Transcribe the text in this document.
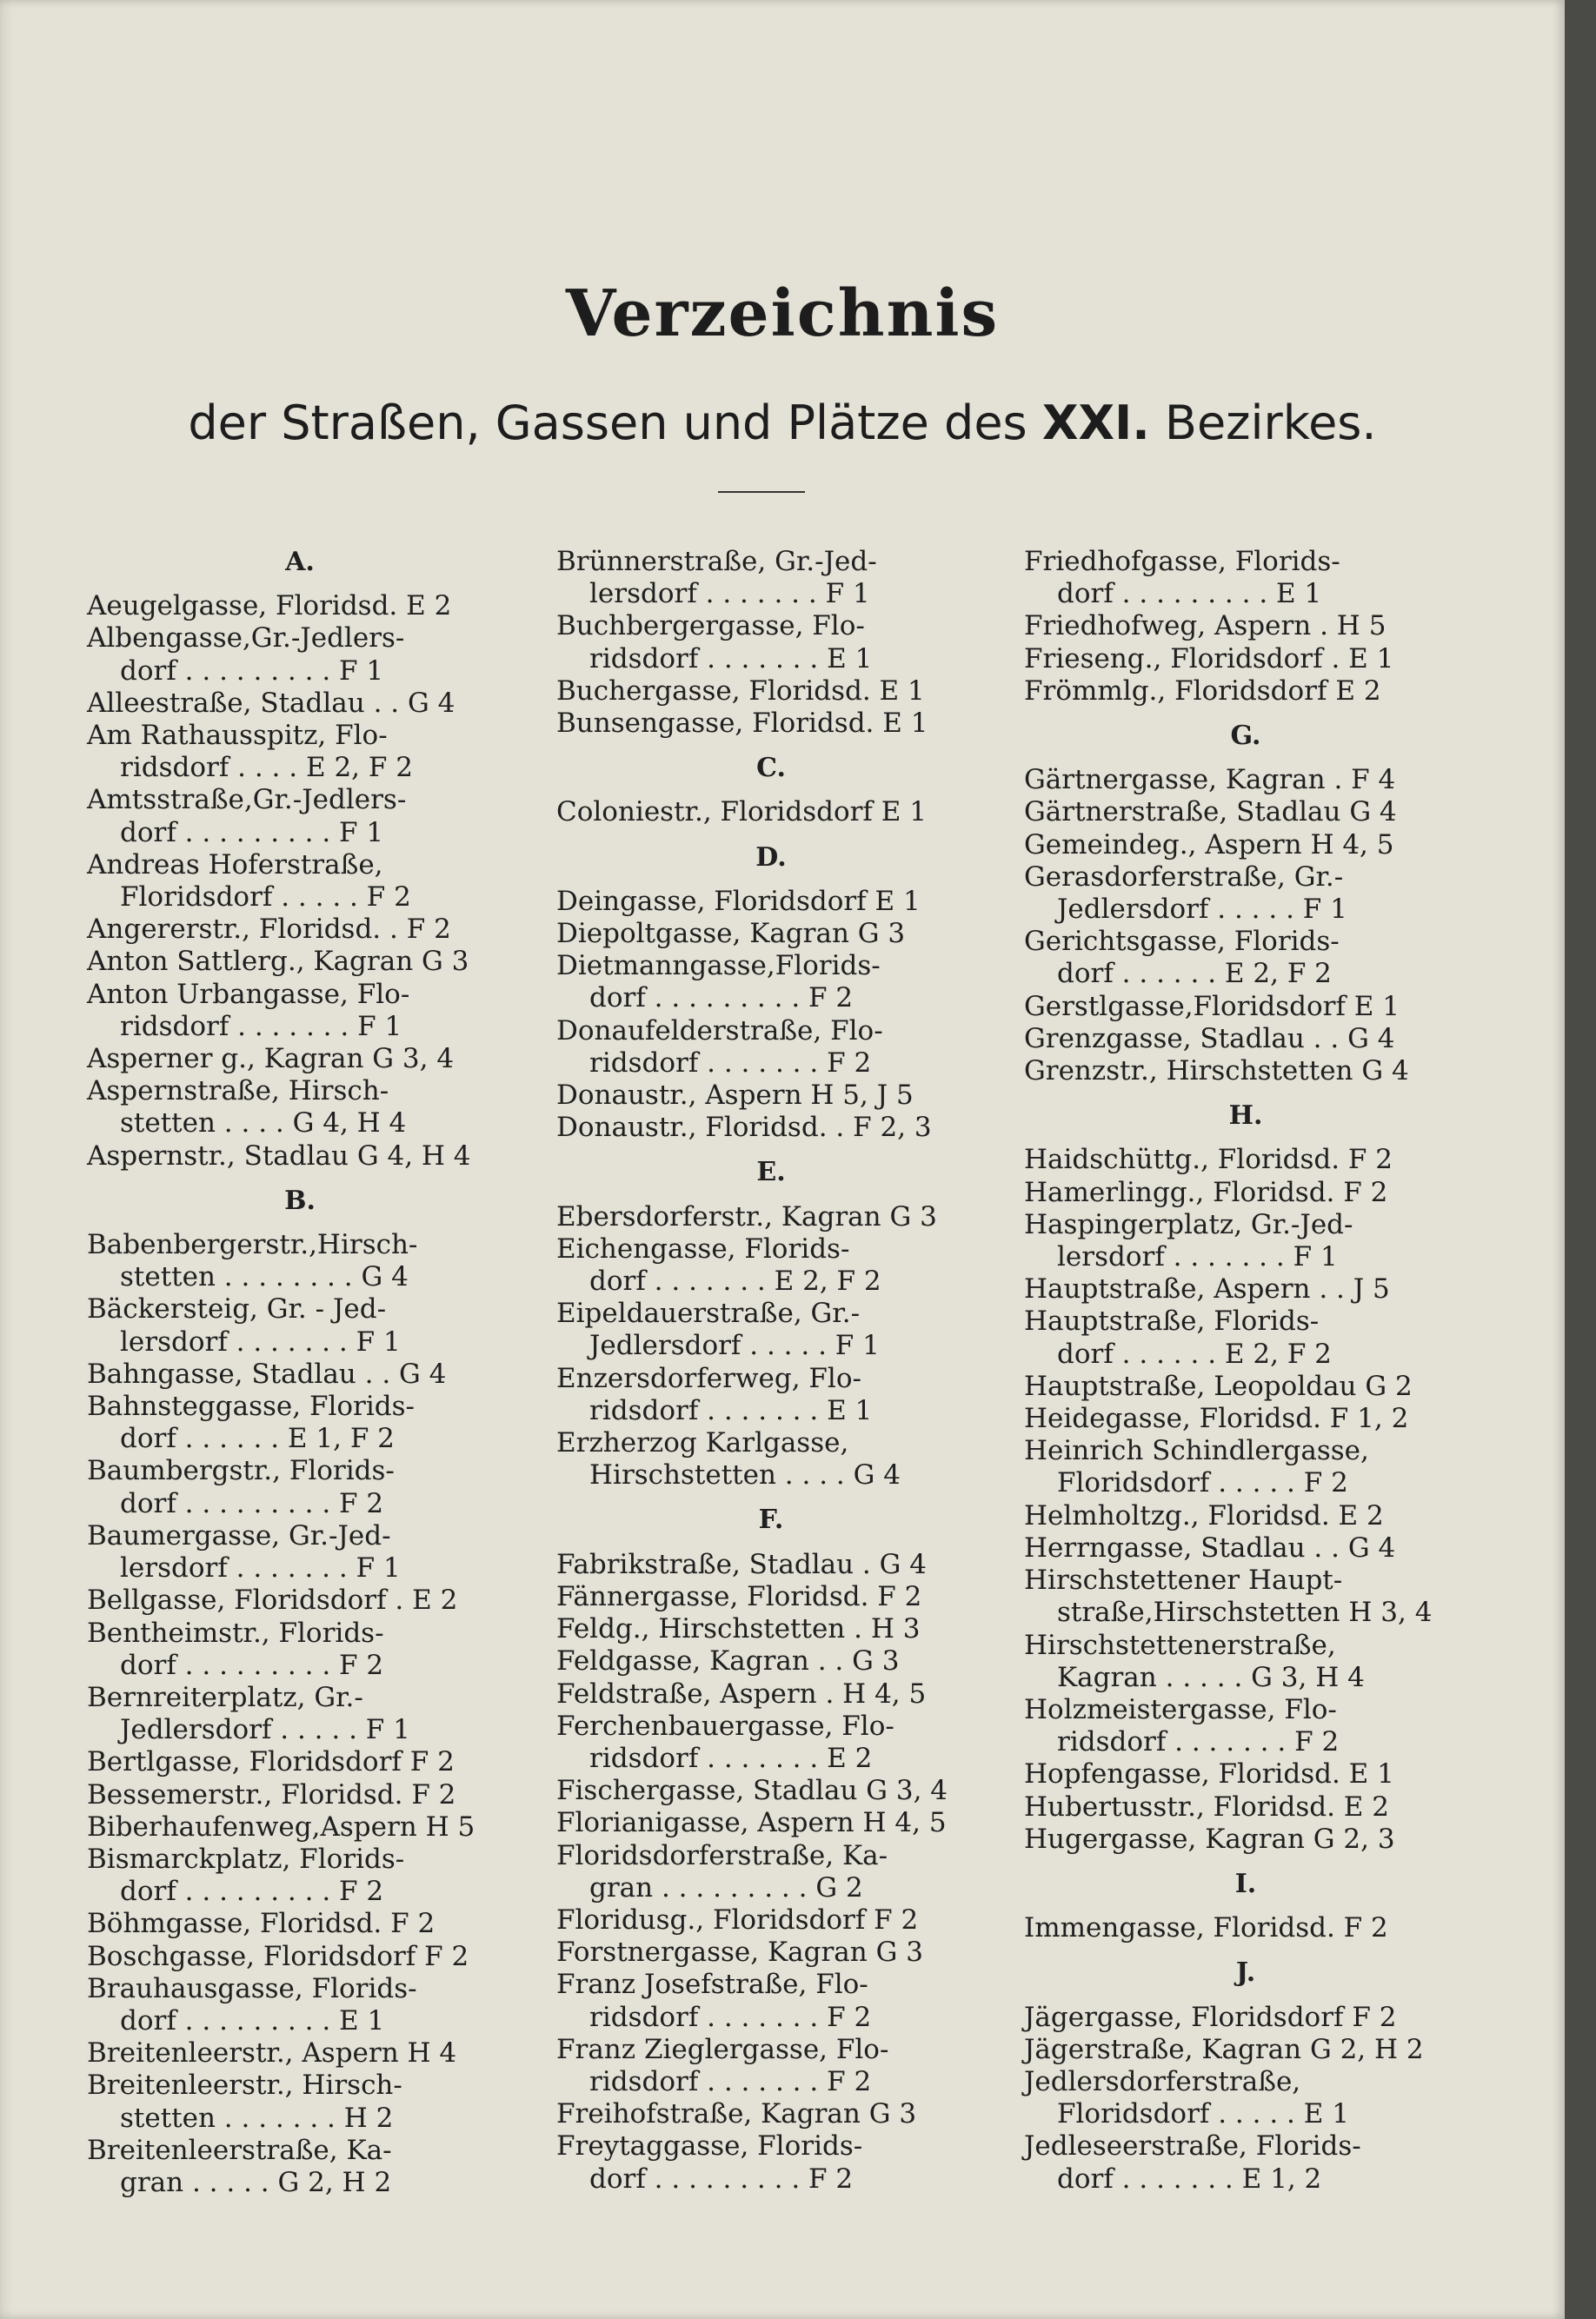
Verzeichnis
der Straßen, Gassen und Plätze des XXI. Bezirkes.
A.
Aeugelgasse, Floridsd. E 2
Albengasse,Gr.-Jedlers-
dorf . . . . . . . . . F 1
Alleestraße, Stadlau . . G 4
Am Rathausspitz, Flo-
ridsdorf . . . . E 2, F 2
Amtsstraße,Gr.-Jedlers-
dorf . . . . . . . . . F 1
Andreas Hoferstraße,
Floridsdorf . . . . . F 2
Angererstr., Floridsd. . F 2
Anton Sattlerg., Kagran G 3
Anton Urbangasse, Flo-
ridsdorf . . . . . . . F 1
Asperner g., Kagran G 3, 4
Aspernstraße, Hirsch-
stetten . . . . G 4, H 4
Aspernstr., Stadlau G 4, H 4
B.
Babenbergerstr.,Hirsch-
stetten . . . . . . . . G 4
Bäckersteig, Gr. - Jed-
lersdorf . . . . . . . F 1
Bahngasse, Stadlau . . G 4
Bahnsteggasse, Florids-
dorf . . . . . . E 1, F 2
Baumbergstr., Florids-
dorf . . . . . . . . . F 2
Baumergasse, Gr.-Jed-
lersdorf . . . . . . . F 1
Bellgasse, Floridsdorf . E 2
Bentheimstr., Florids-
dorf . . . . . . . . . F 2
Bernreiterplatz, Gr.-
Jedlersdorf . . . . . F 1
Bertlgasse, Floridsdorf F 2
Bessemerstr., Floridsd. F 2
Biberhaufenweg,Aspern H 5
Bismarckplatz, Florids-
dorf . . . . . . . . . F 2
Böhmgasse, Floridsd. F 2
Boschgasse, Floridsdorf F 2
Brauhausgasse, Florids-
dorf . . . . . . . . . E 1
Breitenleerstr., Aspern H 4
Breitenleerstr., Hirsch-
stetten . . . . . . . H 2
Breitenleerstraße, Ka-
gran . . . . . G 2, H 2
Brünnerstraße, Gr.-Jed-
lersdorf . . . . . . . F 1
Buchbergergasse, Flo-
ridsdorf . . . . . . . E 1
Buchergasse, Floridsd. E 1
Bunsengasse, Floridsd. E 1
C.
Coloniestr., Floridsdorf E 1
D.
Deingasse, Floridsdorf E 1
Diepoltgasse, Kagran G 3
Dietmanngasse,Florids-
dorf . . . . . . . . . F 2
Donaufelderstraße, Flo-
ridsdorf . . . . . . . F 2
Donaustr., Aspern H 5, J 5
Donaustr., Floridsd. . F 2, 3
E.
Ebersdorferstr., Kagran G 3
Eichengasse, Florids-
dorf . . . . . . . E 2, F 2
Eipeldauerstraße, Gr.-
Jedlersdorf . . . . . F 1
Enzersdorferweg, Flo-
ridsdorf . . . . . . . E 1
Erzherzog Karlgasse,
Hirschstetten . . . . G 4
F.
Fabrikstraße, Stadlau . G 4
Fännergasse, Floridsd. F 2
Feldg., Hirschstetten . H 3
Feldgasse, Kagran . . G 3
Feldstraße, Aspern . H 4, 5
Ferchenbauergasse, Flo-
ridsdorf . . . . . . . E 2
Fischergasse, Stadlau G 3, 4
Florianigasse, Aspern H 4, 5
Floridsdorferstraße, Ka-
gran . . . . . . . . . G 2
Floridusg., Floridsdorf F 2
Forstnergasse, Kagran G 3
Franz Josefstraße, Flo-
ridsdorf . . . . . . . F 2
Franz Zieglergasse, Flo-
ridsdorf . . . . . . . F 2
Freihofstraße, Kagran G 3
Freytaggasse, Florids-
dorf . . . . . . . . . F 2
Friedhofgasse, Florids-
dorf . . . . . . . . . E 1
Friedhofweg, Aspern . H 5
Frieseng., Floridsdorf . E 1
Frömmlg., Floridsdorf E 2
G.
Gärtnergasse, Kagran . F 4
Gärtnerstraße, Stadlau G 4
Gemeindeg., Aspern H 4, 5
Gerasdorferstraße, Gr.-
Jedlersdorf . . . . . F 1
Gerichtsgasse, Florids-
dorf . . . . . . E 2, F 2
Gerstlgasse,Floridsdorf E 1
Grenzgasse, Stadlau . . G 4
Grenzstr., Hirschstetten G 4
H.
Haidschüttg., Floridsd. F 2
Hamerlingg., Floridsd. F 2
Haspingerplatz, Gr.-Jed-
lersdorf . . . . . . . F 1
Hauptstraße, Aspern . . J 5
Hauptstraße, Florids-
dorf . . . . . . E 2, F 2
Hauptstraße, Leopoldau G 2
Heidegasse, Floridsd. F 1, 2
Heinrich Schindlergasse,
Floridsdorf . . . . . F 2
Helmholtzg., Floridsd. E 2
Herrngasse, Stadlau . . G 4
Hirschstettener Haupt-
straße,Hirschstetten H 3, 4
Hirschstettenerstraße,
Kagran . . . . . G 3, H 4
Holzmeistergasse, Flo-
ridsdorf . . . . . . . F 2
Hopfengasse, Floridsd. E 1
Hubertusstr., Floridsd. E 2
Hugergasse, Kagran G 2, 3
I.
Immengasse, Floridsd. F 2
J.
Jägergasse, Floridsdorf F 2
Jägerstraße, Kagran G 2, H 2
Jedlersdorferstraße,
Floridsdorf . . . . . E 1
Jedleseerstraße, Florids-
dorf . . . . . . . E 1, 2
